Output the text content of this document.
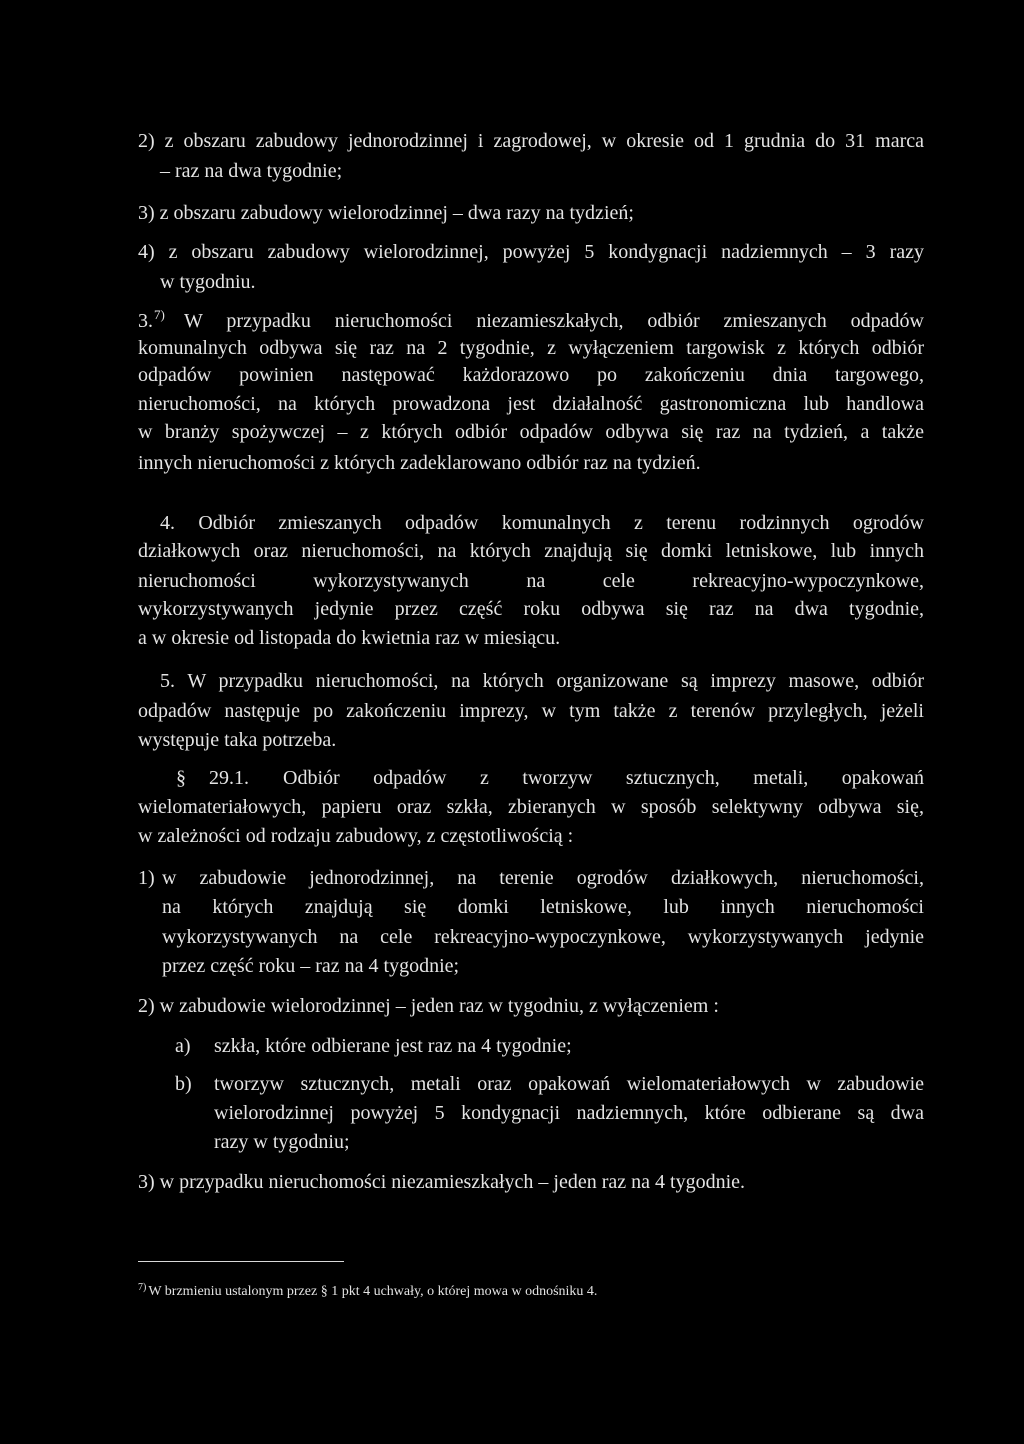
2) z obszaru zabudowy jednorodzinnej i zagrodowej, w okresie od 1 grudnia do 31 marca
– raz na dwa tygodnie;
3) z obszaru zabudowy wielorodzinnej – dwa razy na tydzień;
4) z obszaru zabudowy wielorodzinnej, powyżej 5 kondygnacji nadziemnych – 3 razy
w tygodniu.
3.$^{7)}$ W przypadku nieruchomości niezamieszkałych, odbiór zmieszanych odpadów
komunalnych odbywa się raz na 2 tygodnie, z wyłączeniem targowisk z których odbiór
odpadów powinien następować każdorazowo po zakończeniu dnia targowego,
nieruchomości, na których prowadzona jest działalność gastronomiczna lub handlowa
w branży spożywczej – z których odbiór odpadów odbywa się raz na tydzień, a także
innych nieruchomości z których zadeklarowano odbiór raz na tydzień.
4. Odbiór zmieszanych odpadów komunalnych z terenu rodzinnych ogrodów
działkowych oraz nieruchomości, na których znajdują się domki letniskowe, lub innych
nieruchomości wykorzystywanych na cele rekreacyjno-wypoczynkowe,
wykorzystywanych jedynie przez część roku odbywa się raz na dwa tygodnie,
a w okresie od listopada do kwietnia raz w miesiącu.
5. W przypadku nieruchomości, na których organizowane są imprezy masowe, odbiór
odpadów następuje po zakończeniu imprezy, w tym także z terenów przyległych, jeżeli
występuje taka potrzeba.
§ 29.1. Odbiór odpadów z tworzyw sztucznych, metali, opakowań
wielomateriałowych, papieru oraz szkła, zbieranych w sposób selektywny odbywa się,
w zależności od rodzaju zabudowy, z częstotliwością :
1) w zabudowie jednorodzinnej, na terenie ogrodów działkowych, nieruchomości,
na których znajdują się domki letniskowe, lub innych nieruchomości
wykorzystywanych na cele rekreacyjno-wypoczynkowe, wykorzystywanych jedynie
przez część roku – raz na 4 tygodnie;
2) w zabudowie wielorodzinnej – jeden raz w tygodniu, z wyłączeniem :
a) szkła, które odbierane jest raz na 4 tygodnie;
b) tworzyw sztucznych, metali oraz opakowań wielomateriałowych w zabudowie
wielorodzinnej powyżej 5 kondygnacji nadziemnych, które odbierane są dwa
razy w tygodniu;
3) w przypadku nieruchomości niezamieszkałych – jeden raz na 4 tygodnie.
$^{7)}$ W brzmieniu ustalonym przez § 1 pkt 4 uchwały, o której mowa w odnośniku 4.
